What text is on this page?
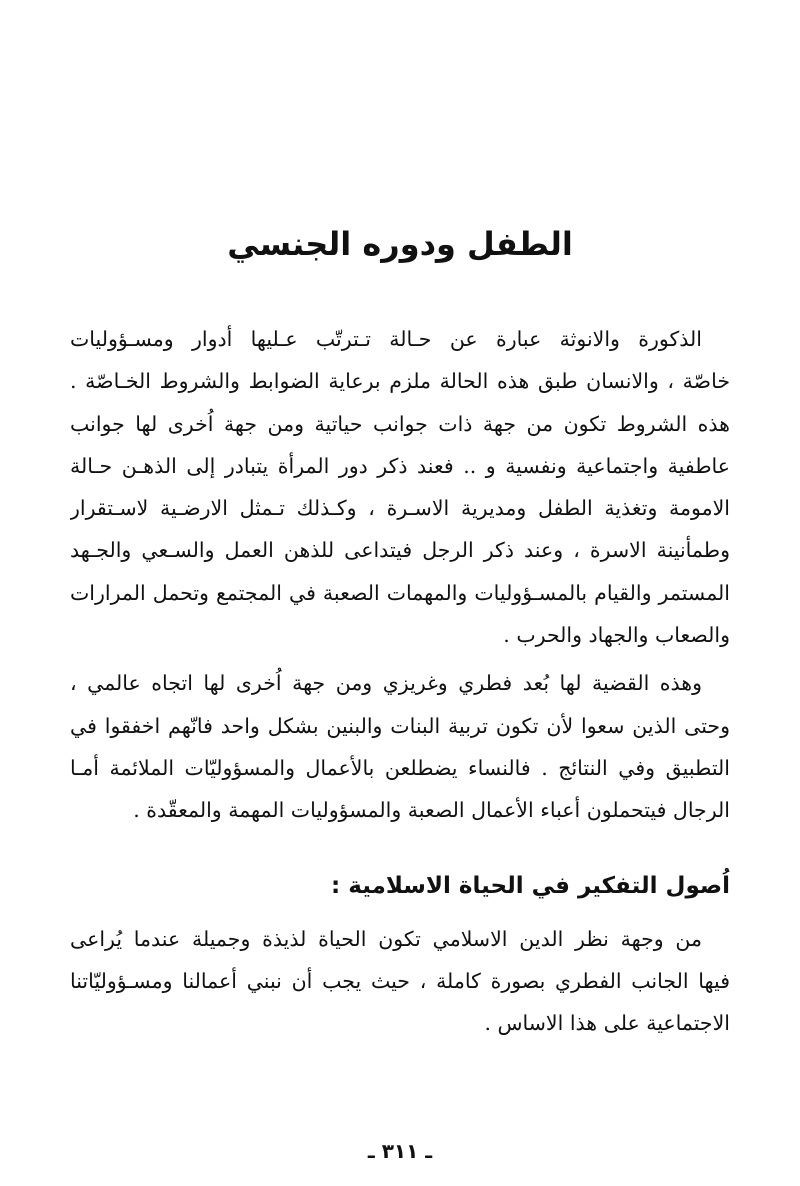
الطفل ودوره الجنسي
الذكورة والانوثة عبارة عن حـالة تـترتّب عـليها أدوار ومسـؤوليات
خاصّة ، والانسان طبق هذه الحالة ملزم برعاية الضوابط والشروط الخـاصّة .
هذه الشروط تكون من جهة ذات جوانب حياتية ومن جهة اُخرى لها جوانب
عاطفية واجتماعية ونفسية و .. فعند ذكر دور المرأة يتبادر إلى الذهـن حـالة
الامومة وتغذية الطفل ومديرية الاسـرة ، وكـذلك تـمثل الارضـية لاسـتقرار
وطمأنينة الاسرة ، وعند ذكر الرجل فيتداعى للذهن العمل والسـعي والجـهد
المستمر والقيام بالمسـؤوليات والمهمات الصعبة في المجتمع وتحمل المرارات
والصعاب والجهاد والحرب .
وهذه القضية لها بُعد فطري وغريزي ومن جهة اُخرى لها اتجاه عالمي ،
وحتى الذين سعوا لأن تكون تربية البنات والبنين بشكل واحد فانّهم اخفقوا في
التطبيق وفي النتائج . فالنساء يضطلعن بالأعمال والمسؤوليّات الملائمة أمـا
الرجال فيتحملون أعباء الأعمال الصعبة والمسؤوليات المهمة والمعقّدة .
اُصول التفكير في الحياة الاسلامية :
من وجهة نظر الدين الاسلامي تكون الحياة لذيذة وجميلة عندما يُراعى
فيها الجانب الفطري بصورة كاملة ، حيث يجب أن نبني أعمالنا ومسـؤوليّاتنا
الاجتماعية على هذا الاساس .
ـ ٣١١ ـ
